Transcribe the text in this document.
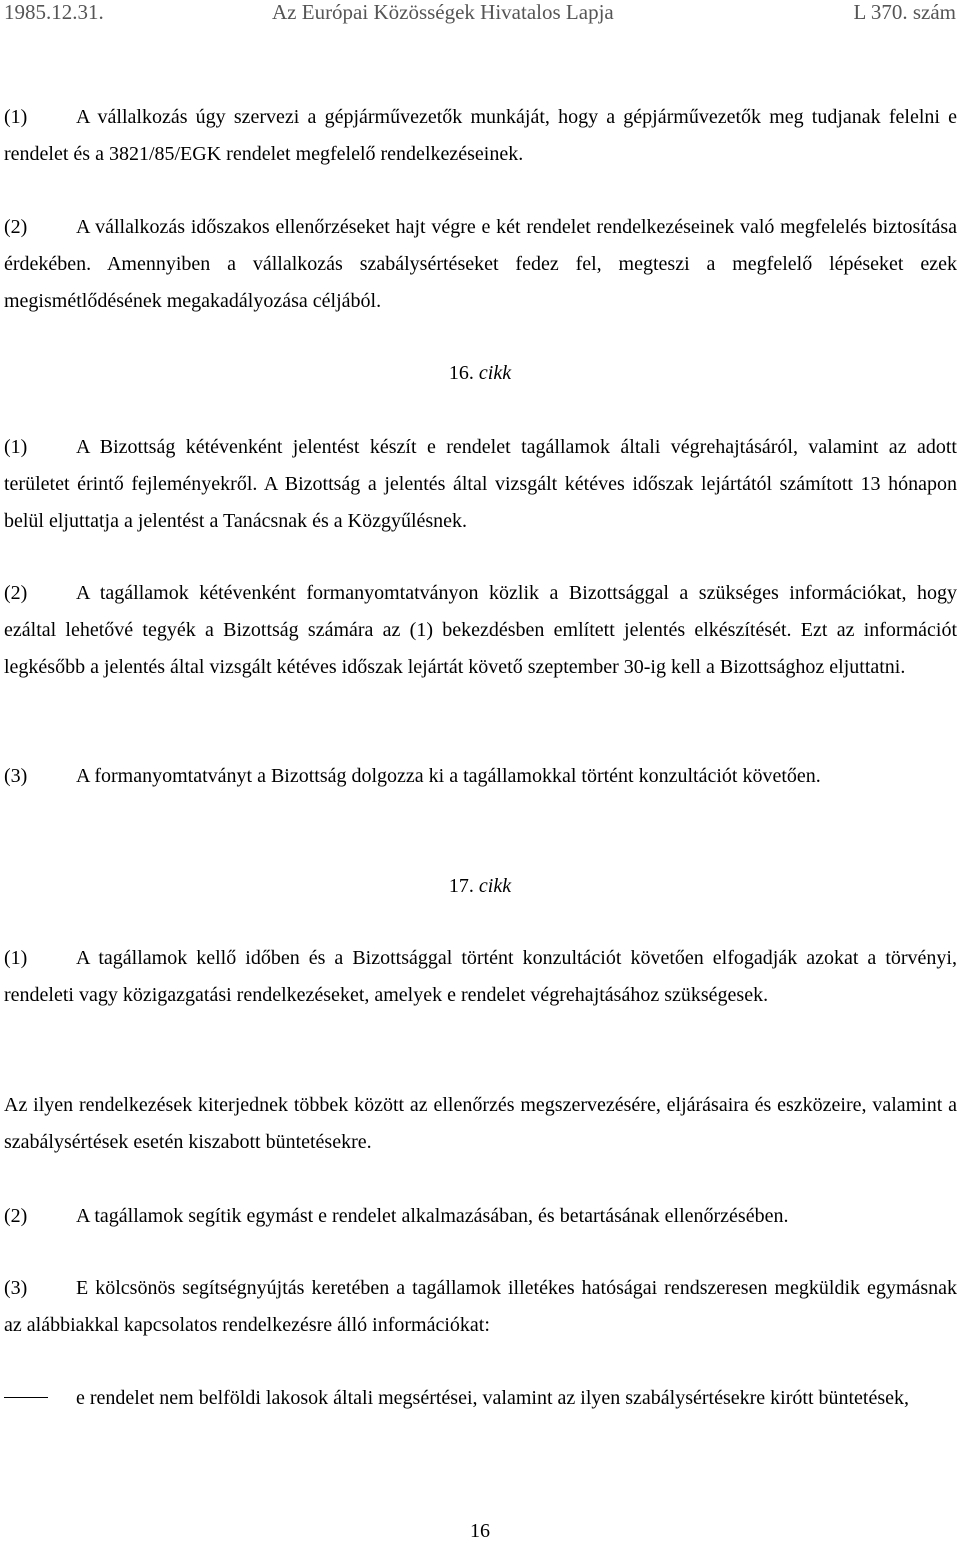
1985.12.31.	Az Európai Közösségek Hivatalos Lapja	L 370. szám

(1) A vállalkozás úgy szervezi a gépjárművezetők munkáját, hogy a gépjárművezetők meg tudjanak felelni e rendelet és a 3821/85/EGK rendelet megfelelő rendelkezéseinek.

(2) A vállalkozás időszakos ellenőrzéseket hajt végre e két rendelet rendelkezéseinek való megfelelés biztosítása érdekében. Amennyiben a vállalkozás szabálysértéseket fedez fel, megteszi a megfelelő lépéseket ezek megismétlődésének megakadályozása céljából.

16. cikk

(1) A Bizottság kétévenként jelentést készít e rendelet tagállamok általi végrehajtásáról, valamint az adott területet érintő fejleményekről. A Bizottság a jelentés által vizsgált kétéves időszak lejártától számított 13 hónapon belül eljuttatja a jelentést a Tanácsnak és a Közgyűlésnek.

(2) A tagállamok kétévenként formanyomtatványon közlik a Bizottsággal a szükséges információkat, hogy ezáltal lehetővé tegyék a Bizottság számára az (1) bekezdésben említett jelentés elkészítését. Ezt az információt legkésőbb a jelentés által vizsgált kétéves időszak lejártát követő szeptember 30-ig kell a Bizottsághoz eljuttatni.

(3) A formanyomtatványt a Bizottság dolgozza ki a tagállamokkal történt konzultációt követően.

17. cikk

(1) A tagállamok kellő időben és a Bizottsággal történt konzultációt követően elfogadják azokat a törvényi, rendeleti vagy közigazgatási rendelkezéseket, amelyek e rendelet végrehajtásához szükségesek.

Az ilyen rendelkezések kiterjednek többek között az ellenőrzés megszervezésére, eljárásaira és eszközeire, valamint a szabálysértések esetén kiszabott büntetésekre.

(2) A tagállamok segítik egymást e rendelet alkalmazásában, és betartásának ellenőrzésében.

(3) E kölcsönös segítségnyújtás keretében a tagállamok illetékes hatóságai rendszeresen megküldik egymásnak az alábbiakkal kapcsolatos rendelkezésre álló információkat:

e rendelet nem belföldi lakosok általi megsértései, valamint az ilyen szabálysértésekre kirótt büntetések,
16
